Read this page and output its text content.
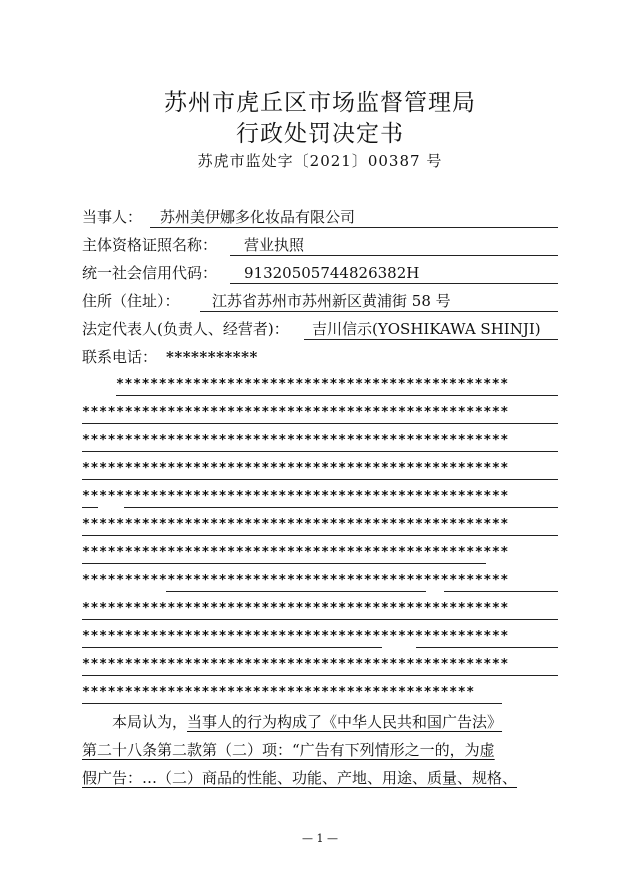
苏州市虎丘区市场监督管理局
行政处罚决定书
苏虎市监处字〔2021〕00387 号
当事人： 苏州美伊娜多化妆品有限公司
主体资格证照名称： 营业执照
统一社会信用代码： 91320505744826382H
住所（住址）： 江苏省苏州市苏州新区黄浦街 58 号
法定代表人(负责人、经营者)： 吉川信示(YOSHIKAWA SHINJI)
联系电话： ***********
**********************************************
**************************************************
**************************************************
**************************************************
**************************************************
**************************************************
**************************************************
**************************************************
**************************************************
**************************************************
**************************************************
**********************************************
本局认为，当事人的行为构成了《中华人民共和国广告法》
第二十八条第二款第（二）项：“广告有下列情形之一的，为虚
假广告：…（二）商品的性能、功能、产地、用途、质量、规格、
— 1 —
